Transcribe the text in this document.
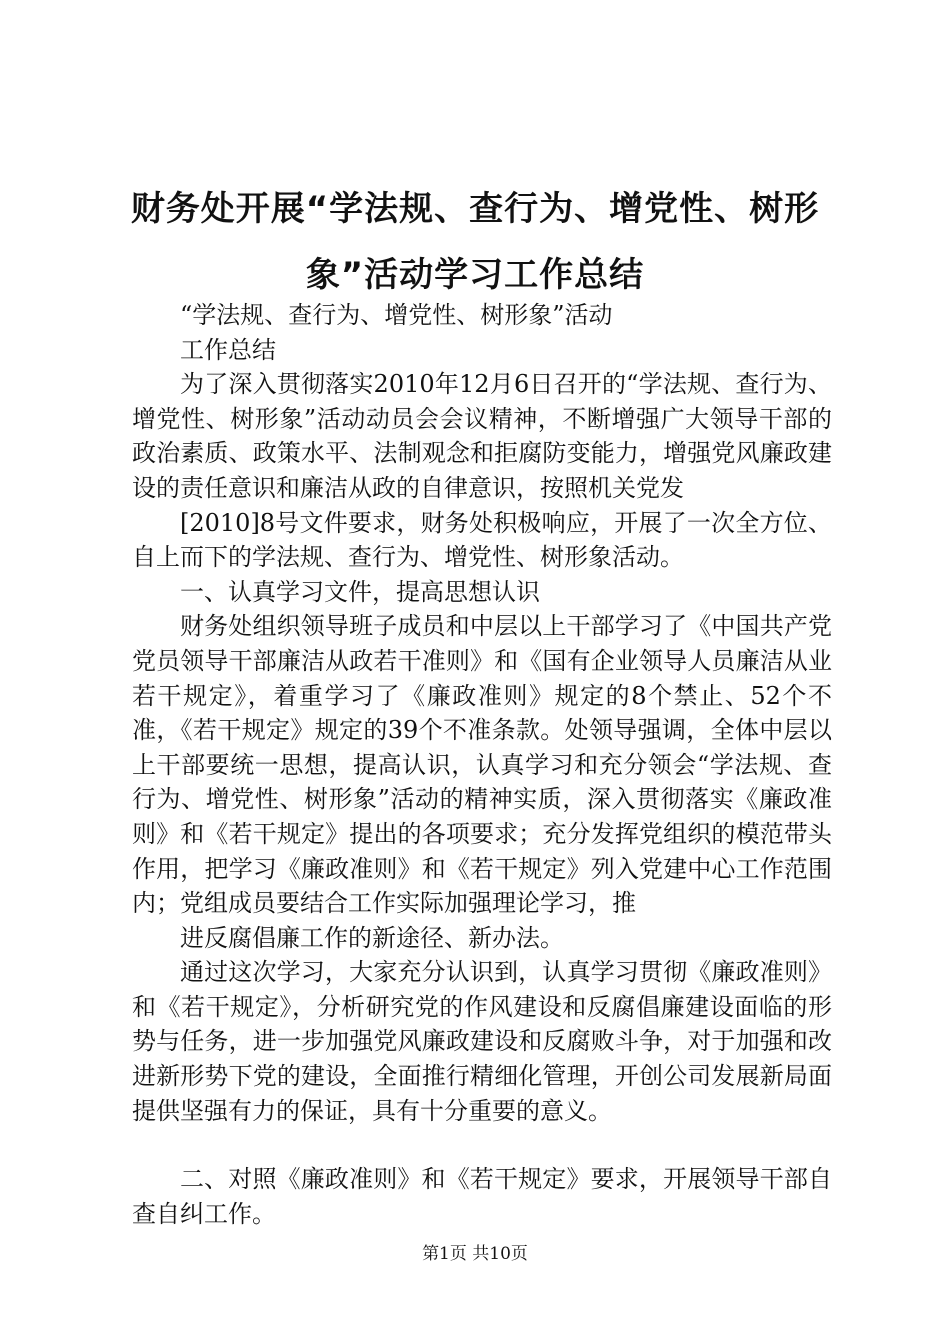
财务处开展“学法规、查行为、增党性、树形象”活动学习工作总结

“学法规、查行为、增党性、树形象”活动

工作总结

为了深入贯彻落实2010年12月6日召开的“学法规、查行为、增党性、树形象”活动动员会会议精神，不断增强广大领导干部的政治素质、政策水平、法制观念和拒腐防变能力，增强党风廉政建设的责任意识和廉洁从政的自律意识，按照机关党发

[2010]8号文件要求，财务处积极响应，开展了一次全方位、自上而下的学法规、查行为、增党性、树形象活动。

一、认真学习文件，提高思想认识

财务处组织领导班子成员和中层以上干部学习了《中国共产党党员领导干部廉洁从政若干准则》和《国有企业领导人员廉洁从业若干规定》，着重学习了《廉政准则》规定的8个禁止、52个不准，《若干规定》规定的39个不准条款。处领导强调，全体中层以上干部要统一思想，提高认识，认真学习和充分领会“学法规、查行为、增党性、树形象”活动的精神实质，深入贯彻落实《廉政准则》和《若干规定》提出的各项要求；充分发挥党组织的模范带头作用，把学习《廉政准则》和《若干规定》列入党建中心工作范围内；党组成员要结合工作实际加强理论学习，推

进反腐倡廉工作的新途径、新办法。

通过这次学习，大家充分认识到，认真学习贯彻《廉政准则》和《若干规定》，分析研究党的作风建设和反腐倡廉建设面临的形势与任务，进一步加强党风廉政建设和反腐败斗争，对于加强和改进新形势下党的建设，全面推行精细化管理，开创公司发展新局面提供坚强有力的保证，具有十分重要的意义。

二、对照《廉政准则》和《若干规定》要求，开展领导干部自查自纠工作。

第1页 共10页
